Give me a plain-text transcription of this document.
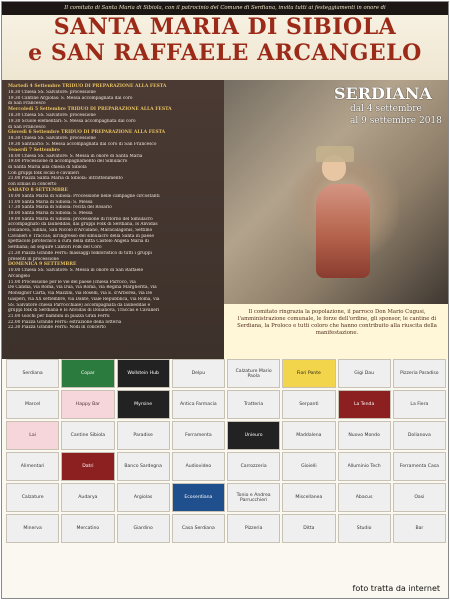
Il comitato di Santa Maria di Sibiola, con il patrocinio del Comune di Serdiana, invita tutti ai festeggiamenti in onore di
SANTA MARIA DI SIBIOLA
e SAN RAFFAELE ARCANGELO
Martedì 4 Settembre TRIDUO DI PREPARAZIONE ALLA FESTA
18.30 Chiesa SS. Salvatore: processione
19.30 Cantine Argiolas: S. Messa accompagnata dal coro
di San Francesco
Mercoledì 5 Settembre TRIDUO DI PREPARAZIONE ALLA FESTA
18.30 Chiesa SS. Salvatore: processione
19.30 Scuole elementari: S. Messa accompagnata dal coro
di San Francesco
Giovedì 6 Settembre TRIDUO DI PREPARAZIONE ALLA FESTA
18.30 Chiesa SS. Salvatore: processione
19.30 Santuario: S. Messa accompagnata dal coro di San Francesco
Venerdì 7 Settembre
18.00 Chiesa SS. Salvatore: S. Messa in onore di Santa Maria
19.00 Processione di accompagnamento del Simulacro
di Santa Maria alla chiesa di Sibiola
Con gruppi folk locali e cavalieri
21.00 Piazza Santa Maria di Sibiola: intrattenimento
con Elnias in concerto
SABATO 8 SETTEMBRE
10.00 Santa Maria di Sibiola: Processione nelle campagne circostanti
11.00 Santa Maria di Sibiola: S. Messa
17.30 Santa Maria di Sibiola: recita del Rosario
18.00 Santa Maria di Sibiola: S. Messa
19.00 Santa Maria di Sibiola: processione di ritorno del Simulacro
accompagnato da launeddas, dai gruppi Folk di Serdiana, Is Anvidas
Dolianova, Sinnai, San Nicolò d'Arcidano, Maracalagonis, Settimo
Cavalieri e Traccas; all'ingresso del simulacro della Santa in paese
spettacolo pirotecnico a cura della ditta Castelo Angela Maria di
Serdiana; ad seguire Cantori Folk del Coro
21.30 Piazza Grande Ferru: massaggi folkloristico di tutti i gruppi
presenti in processione
DOMENICA 9 SETTEMBRE
10.00 Chiesa SS. Salvatore: S. Messa in onore di San Raffaele
Arcangelo
11.00 Processione per le vie del paese (chiesa Parroco, via
De Candia, via Roma, via Dua, via Roma, via Regina Margherita, via
Monsignor Carta, via Mazzini, via Roselli, via E. d'Arborea, via De
Gasperi, via XX settembre, via Dante, viale Repubblica, via Roma, via
SS. Salvatore chiesa Parrocchiale) accompagnata da launeddas e
gruppi folk di Serdiana e Is Anvidas di Dolianova, Traccas e Cavalieri
21.00 Giochi per bambini in piazza Gran Ferru
22.00 Piazza Grande Ferru: estrazione della lotteria
22.30 Piazza Grande Ferru: Nodi in concerto
SERDIANA
dal 4 settembre
al 9 settembre 2018
Il comitato ringrazia la popolazione, il parroco Don Mario Cugusi, l'amministrazione comunale, le forze dell'ordine, gli sponsor, le cantine di Serdiana, la Proloco e tutti coloro che hanno contribuito alla riuscita della manifestazione.
Serdiana	Copar	Wollstein Hub	Delpu	Calzature Mario Paola	Fiori Ponte	Gigi Dau	Pizzeria Paradiso
Marcel	Happy Bar	Myrsine	Antica Farmacia	Tratteria	Serpanti	La Tenda	La Fiera
Lai	Cantine Sibiola	Paradise	Ferramenta	Unieuro	Maddalena	Nuovo Mondo	Dolianova
Alimentari	Datri	Banco Sardegna	Audiovideo	Carrozzeria	Gioielli	Alluminio Tech	Ferramenta Casa
Calzature	Audarya	Argiolas	Ecoserdiana	Tonio e Andrea Parrucchieri	Miscellanea	Abacus	Oasi
Minerva	Mercatino	Giardino	Casa Serdiana	Pizzeria	Ditta	Studio	Bar
foto tratta da internet
